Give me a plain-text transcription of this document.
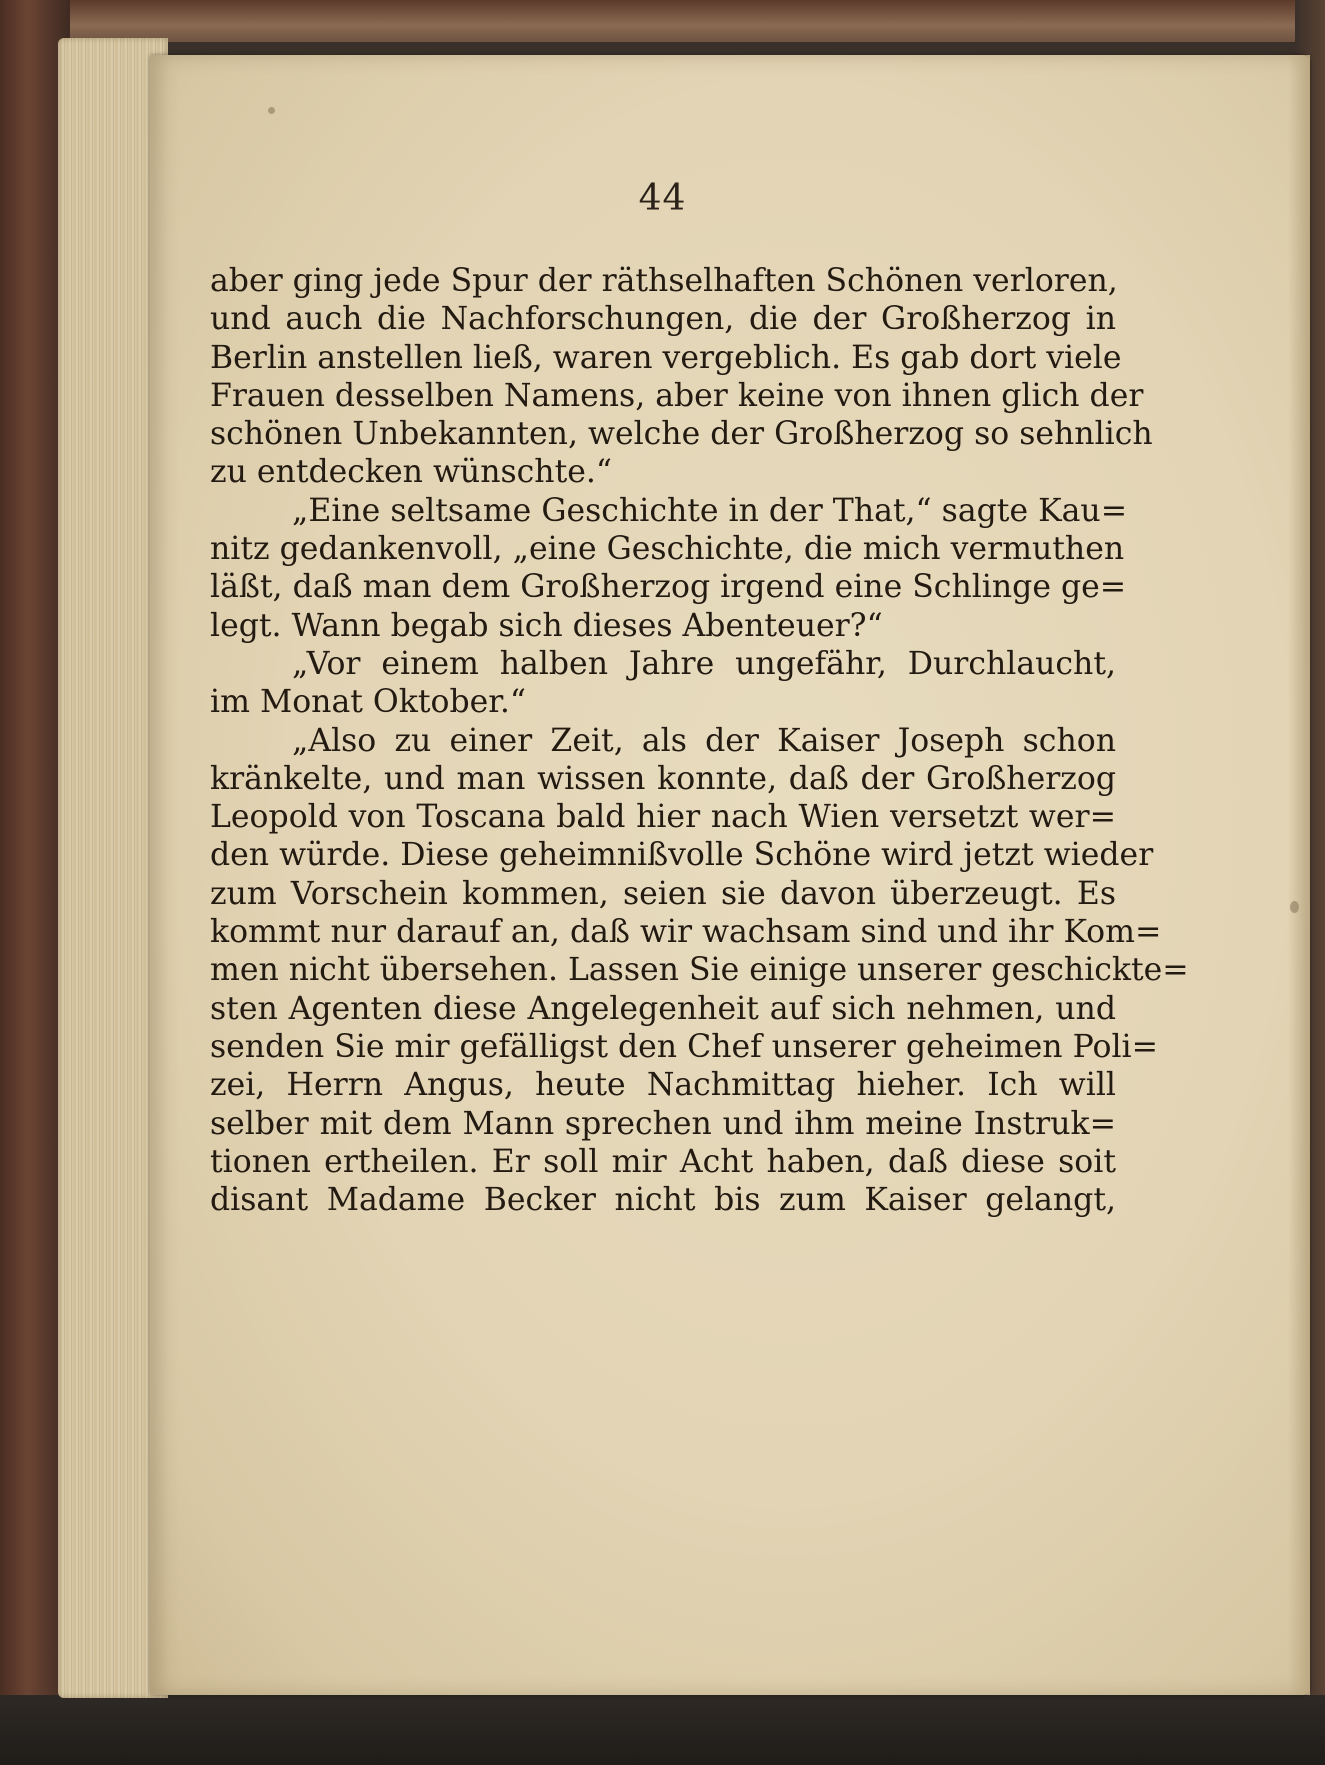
44
aber ging jede Spur der räthselhaften Schönen verloren,
und auch die Nachforschungen, die der Großherzog in
Berlin anstellen ließ, waren vergeblich. Es gab dort viele
Frauen desselben Namens, aber keine von ihnen glich der
schönen Unbekannten, welche der Großherzog so sehnlich
zu entdecken wünschte.“
„Eine seltsame Geschichte in der That,“ sagte Kau=
nitz gedankenvoll, „eine Geschichte, die mich vermuthen
läßt, daß man dem Großherzog irgend eine Schlinge ge=
legt. Wann begab sich dieses Abenteuer?“
„Vor einem halben Jahre ungefähr, Durchlaucht,
im Monat Oktober.“
„Also zu einer Zeit, als der Kaiser Joseph schon
kränkelte, und man wissen konnte, daß der Großherzog
Leopold von Toscana bald hier nach Wien versetzt wer=
den würde. Diese geheimnißvolle Schöne wird jetzt wieder
zum Vorschein kommen, seien sie davon überzeugt. Es
kommt nur darauf an, daß wir wachsam sind und ihr Kom=
men nicht übersehen. Lassen Sie einige unserer geschickte=
sten Agenten diese Angelegenheit auf sich nehmen, und
senden Sie mir gefälligst den Chef unserer geheimen Poli=
zei, Herrn Angus, heute Nachmittag hieher. Ich will
selber mit dem Mann sprechen und ihm meine Instruk=
tionen ertheilen. Er soll mir Acht haben, daß diese soit
disant Madame Becker nicht bis zum Kaiser gelangt,
